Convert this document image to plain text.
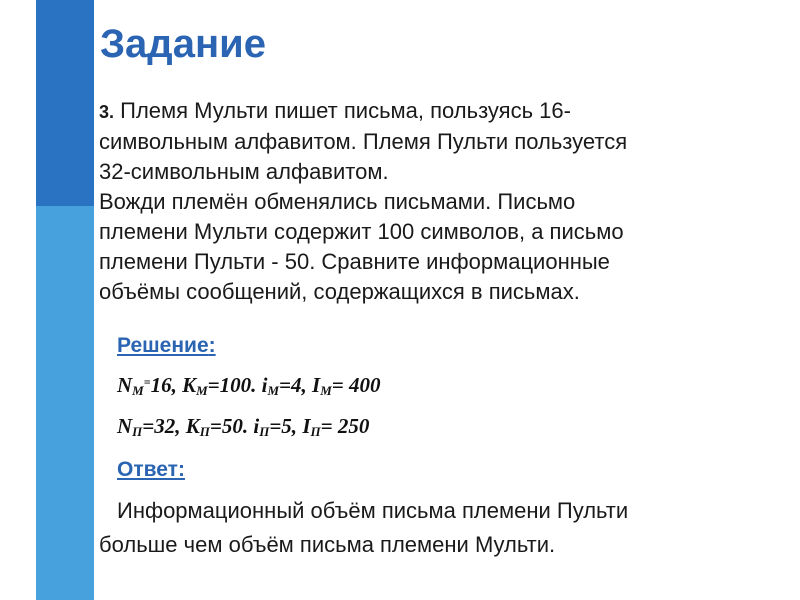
Задание
3. Племя Мульти пишет письма, пользуясь 16-
символьным алфавитом. Племя Пульти пользуется
32-символьным алфавитом.
Вожди племён обменялись письмами. Письмо
племени Мульти содержит 100 символов, а письмо
племени Пульти - 50. Сравните информационные
объёмы сообщений, содержащихся в письмах.
Решение:
$N_M^=16$, $K_M=100$. $i_M=4$, $I_M= 400$
$N_П=32$, $K_П=50$. $i_П=5$, $I_П= 250$
Ответ:
Информационный объём письма племени Пульти
больше чем объём письма племени Мульти.
